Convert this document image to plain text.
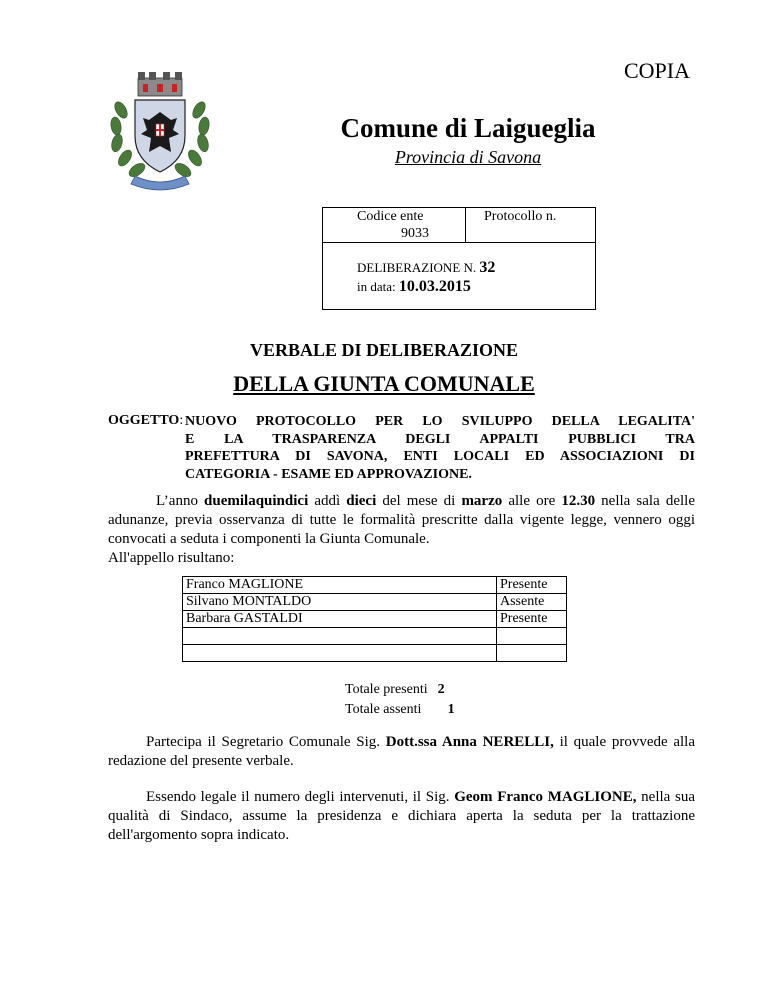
COPIA
Comune di Laigueglia
Provincia di Savona
Codice ente
9033
Protocollo n.
DELIBERAZIONE N. 32
in data: 10.03.2015
VERBALE DI DELIBERAZIONE
DELLA GIUNTA COMUNALE
OGGETTO: NUOVO PROTOCOLLO PER LO SVILUPPO DELLA LEGALITA'
E LA TRASPARENZA DEGLI APPALTI PUBBLICI TRA
PREFETTURA DI SAVONA, ENTI LOCALI ED ASSOCIAZIONI DI
CATEGORIA - ESAME ED APPROVAZIONE.
L’anno duemilaquindici addì dieci del mese di marzo alle ore 12.30 nella sala delle adunanze, previa osservanza di tutte le formalità prescritte dalla vigente legge, vennero oggi convocati a seduta i componenti la Giunta Comunale.
All'appello risultano:
Franco MAGLIONE	Presente
Silvano MONTALDO	Assente
Barbara GASTALDI	Presente

Totale presenti	2
Totale assenti	1
Partecipa il Segretario Comunale Sig. Dott.ssa Anna NERELLI, il quale provvede alla redazione del presente verbale.
Essendo legale il numero degli intervenuti, il Sig. Geom Franco MAGLIONE, nella sua qualità di Sindaco, assume la presidenza e dichiara aperta la seduta per la trattazione dell'argomento sopra indicato.
